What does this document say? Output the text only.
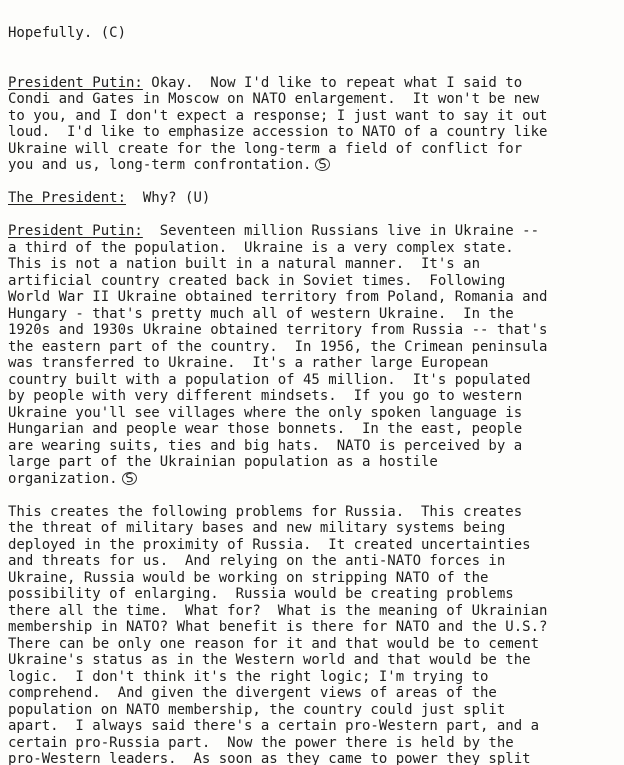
Hopefully. (C)

President Putin: Okay.  Now I'd like to repeat what I said to
Condi and Gates in Moscow on NATO enlargement.  It won't be new
to you, and I don't expect a response; I just want to say it out
loud.  I'd like to emphasize accession to NATO of a country like
Ukraine will create for the long-term a field of conflict for
you and us, long-term confrontation. S
The President:  Why? (U)
President Putin:  Seventeen million Russians live in Ukraine --
a third of the population.  Ukraine is a very complex state.
This is not a nation built in a natural manner.  It's an
artificial country created back in Soviet times.  Following
World War II Ukraine obtained territory from Poland, Romania and
Hungary - that's pretty much all of western Ukraine.  In the
1920s and 1930s Ukraine obtained territory from Russia -- that's
the eastern part of the country.  In 1956, the Crimean peninsula
was transferred to Ukraine.  It's a rather large European
country built with a population of 45 million.  It's populated
by people with very different mindsets.  If you go to western
Ukraine you'll see villages where the only spoken language is
Hungarian and people wear those bonnets.  In the east, people
are wearing suits, ties and big hats.  NATO is perceived by a
large part of the Ukrainian population as a hostile
organization. S
This creates the following problems for Russia.  This creates
the threat of military bases and new military systems being
deployed in the proximity of Russia.  It created uncertainties
and threats for us.  And relying on the anti-NATO forces in
Ukraine, Russia would be working on stripping NATO of the
possibility of enlarging.  Russia would be creating problems
there all the time.  What for?  What is the meaning of Ukrainian
membership in NATO? What benefit is there for NATO and the U.S.?
There can be only one reason for it and that would be to cement
Ukraine's status as in the Western world and that would be the
logic.  I don't think it's the right logic; I'm trying to
comprehend.  And given the divergent views of areas of the
population on NATO membership, the country could just split
apart.  I always said there's a certain pro-Western part, and a
certain pro-Russia part.  Now the power there is held by the
pro-Western leaders.  As soon as they came to power they split
